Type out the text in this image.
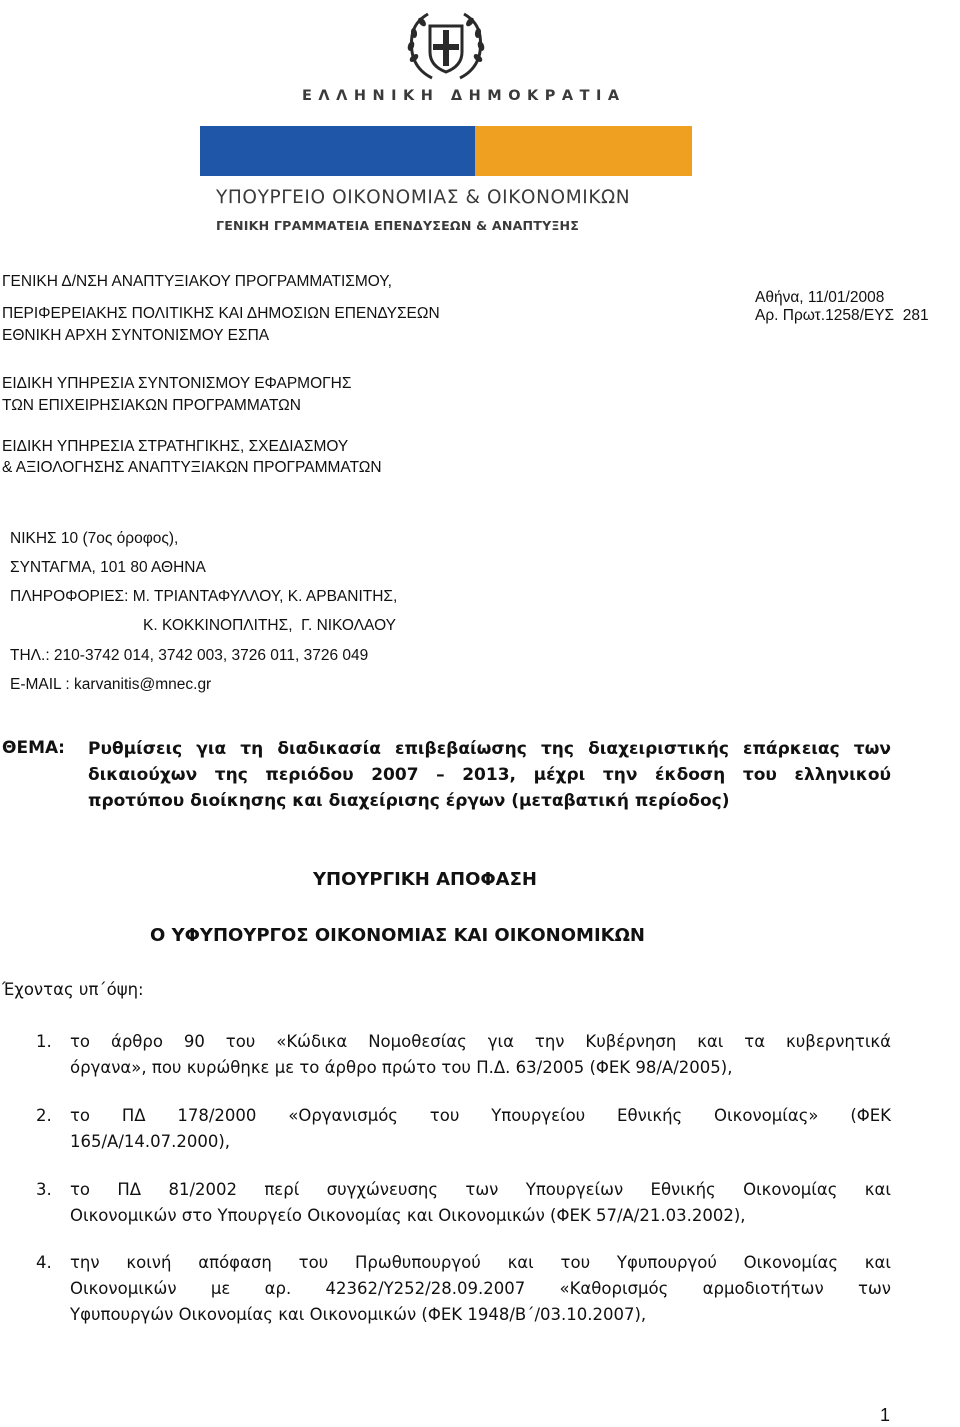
ΕΛΛΗΝΙΚΗ ΔΗΜΟΚΡΑΤΙΑ
ΥΠΟΥΡΓΕΙΟ ΟΙΚΟΝΟΜΙΑΣ & ΟΙΚΟΝΟΜΙΚΩΝ
ΓΕΝΙΚΗ ΓΡΑΜΜΑΤΕΙΑ ΕΠΕΝΔΥΣΕΩΝ & ΑΝΑΠΤΥΞΗΣ
ΓΕΝΙΚΗ Δ/ΝΣΗ ΑΝΑΠΤΥΞΙΑΚΟΥ ΠΡΟΓΡΑΜΜΑΤΙΣΜΟΥ,
ΠΕΡΙΦΕΡΕΙΑΚΗΣ ΠΟΛΙΤΙΚΗΣ ΚΑΙ ΔΗΜΟΣΙΩΝ ΕΠΕΝΔΥΣΕΩΝ
ΕΘΝΙΚΗ ΑΡΧΗ ΣΥΝΤΟΝΙΣΜΟΥ ΕΣΠΑ
Αθήνα, 11/01/2008
Αρ. Πρωτ.1258/ΕΥΣ  281
ΕΙΔΙΚΗ ΥΠΗΡΕΣΙΑ ΣΥΝΤΟΝΙΣΜΟΥ ΕΦΑΡΜΟΓΗΣ
ΤΩΝ ΕΠΙΧΕΙΡΗΣΙΑΚΩΝ ΠΡΟΓΡΑΜΜΑΤΩΝ
ΕΙΔΙΚΗ ΥΠΗΡΕΣΙΑ ΣΤΡΑΤΗΓΙΚΗΣ, ΣΧΕΔΙΑΣΜΟΥ
& ΑΞΙΟΛΟΓΗΣΗΣ ΑΝΑΠΤΥΞΙΑΚΩΝ ΠΡΟΓΡΑΜΜΑΤΩΝ
ΝΙΚΗΣ 10 (7ος όροφος),
ΣΥΝΤΑΓΜΑ, 101 80 ΑΘΗΝΑ
ΠΛΗΡΟΦΟΡΙΕΣ: Μ. ΤΡΙΑΝΤΑΦΥΛΛΟΥ, Κ. ΑΡΒΑΝΙΤΗΣ,
Κ. ΚΟΚΚΙΝΟΠΛΙΤΗΣ,  Γ. ΝΙΚΟΛΑΟΥ
ΤΗΛ.: 210-3742 014, 3742 003, 3726 011, 3726 049
E-MAIL : karvanitis@mnec.gr
ΘΕΜΑ: Ρυθμίσεις για τη διαδικασία επιβεβαίωσης της διαχειριστικής επάρκειας των
δικαιούχων της περιόδου 2007 – 2013, μέχρι την έκδοση του ελληνικού
προτύπου διοίκησης και διαχείρισης έργων (μεταβατική περίοδος)
ΥΠΟΥΡΓΙΚΗ ΑΠΟΦΑΣΗ
Ο ΥΦΥΠΟΥΡΓΟΣ ΟΙΚΟΝΟΜΙΑΣ ΚΑΙ ΟΙΚΟΝΟΜΙΚΩΝ
Έχοντας υπ΄όψη:
1. το άρθρο 90 του «Κώδικα Νομοθεσίας για την Κυβέρνηση και τα κυβερνητικά
όργανα», που κυρώθηκε με το άρθρο πρώτο του Π.Δ. 63/2005 (ΦΕΚ 98/Α/2005),
2. το ΠΔ 178/2000 «Οργανισμός του Υπουργείου Εθνικής Οικονομίας» (ΦΕΚ
165/Α/14.07.2000),
3. το ΠΔ 81/2002 περί συγχώνευσης των Υπουργείων Εθνικής Οικονομίας και
Οικονομικών στο Υπουργείο Οικονομίας και Οικονομικών (ΦΕΚ 57/Α/21.03.2002),
4. την κοινή απόφαση του Πρωθυπουργού και του Υφυπουργού Οικονομίας και
Οικονομικών με αρ. 42362/Υ252/28.09.2007 «Καθορισμός αρμοδιοτήτων των
Υφυπουργών Οικονομίας και Οικονομικών (ΦΕΚ 1948/Β΄/03.10.2007),
1
